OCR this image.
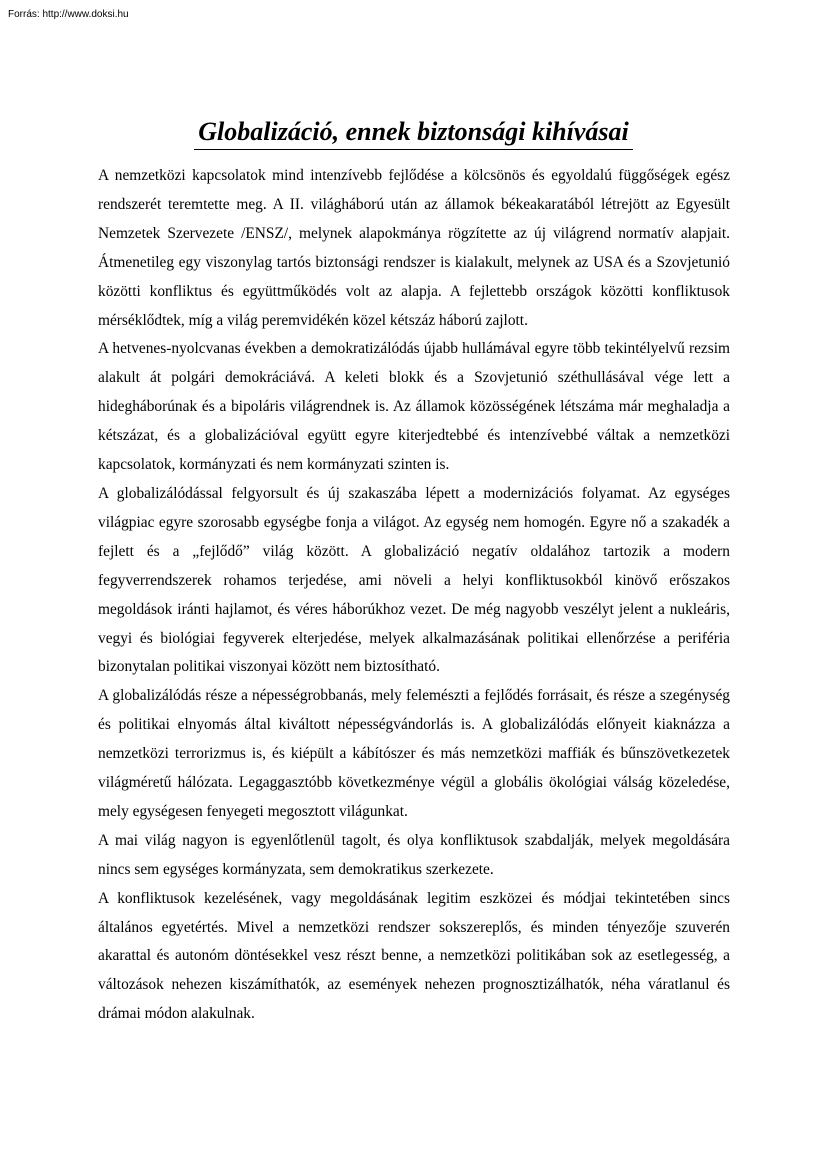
Forrás: http://www.doksi.hu
Globalizáció, ennek biztonsági kihívásai

A nemzetközi kapcsolatok mind intenzívebb fejlődése a kölcsönös és egyoldalú függőségek egész rendszerét teremtette meg. A II. világháború után az államok békeakaratából létrejött az Egyesült Nemzetek Szervezete /ENSZ/, melynek alapokmánya rögzítette az új világrend normatív alapjait. Átmenetileg egy viszonylag tartós biztonsági rendszer is kialakult, melynek az USA és a Szovjetunió közötti konfliktus és együttműködés volt az alapja. A fejlettebb országok közötti konfliktusok mérséklődtek, míg a világ peremvidékén közel kétszáz háború zajlott.

A hetvenes-nyolcvanas években a demokratizálódás újabb hullámával egyre több tekintélyelvű rezsim alakult át polgári demokráciává. A keleti blokk és a Szovjetunió széthullásával vége lett a hidegháborúnak és a bipoláris világrendnek is. Az államok közösségének létszáma már meghaladja a kétszázat, és a globalizációval együtt egyre kiterjedtebbé és intenzívebbé váltak a nemzetközi kapcsolatok, kormányzati és nem kormányzati szinten is.

A globalizálódással felgyorsult és új szakaszába lépett a modernizációs folyamat. Az egységes világpiac egyre szorosabb egységbe fonja a világot. Az egység nem homogén. Egyre nő a szakadék a fejlett és a „fejlődő” világ között. A globalizáció negatív oldalához tartozik a modern fegyverrendszerek rohamos terjedése, ami növeli a helyi konfliktusokból kinövő erőszakos megoldások iránti hajlamot, és véres háborúkhoz vezet. De még nagyobb veszélyt jelent a nukleáris, vegyi és biológiai fegyverek elterjedése, melyek alkalmazásának politikai ellenőrzése a periféria bizonytalan politikai viszonyai között nem biztosítható.

A globalizálódás része a népességrobbanás, mely felemészti a fejlődés forrásait, és része a szegénység és politikai elnyomás által kiváltott népességvándorlás is. A globalizálódás előnyeit kiaknázza a nemzetközi terrorizmus is, és kiépült a kábítószer és más nemzetközi maffiák és bűnszövetkezetek világméretű hálózata. Legaggasztóbb következménye végül a globális ökológiai válság közeledése, mely egységesen fenyegeti megosztott világunkat.

A mai világ nagyon is egyenlőtlenül tagolt, és olya konfliktusok szabdalják, melyek megoldására nincs sem egységes kormányzata, sem demokratikus szerkezete.

A konfliktusok kezelésének, vagy megoldásának legitim eszközei és módjai tekintetében sincs általános egyetértés. Mivel a nemzetközi rendszer sokszereplős, és minden tényezője szuverén akarattal és autonóm döntésekkel vesz részt benne, a nemzetközi politikában sok az esetlegesség, a változások nehezen kiszámíthatók, az események nehezen prognosztizálhatók, néha váratlanul és drámai módon alakulnak.
